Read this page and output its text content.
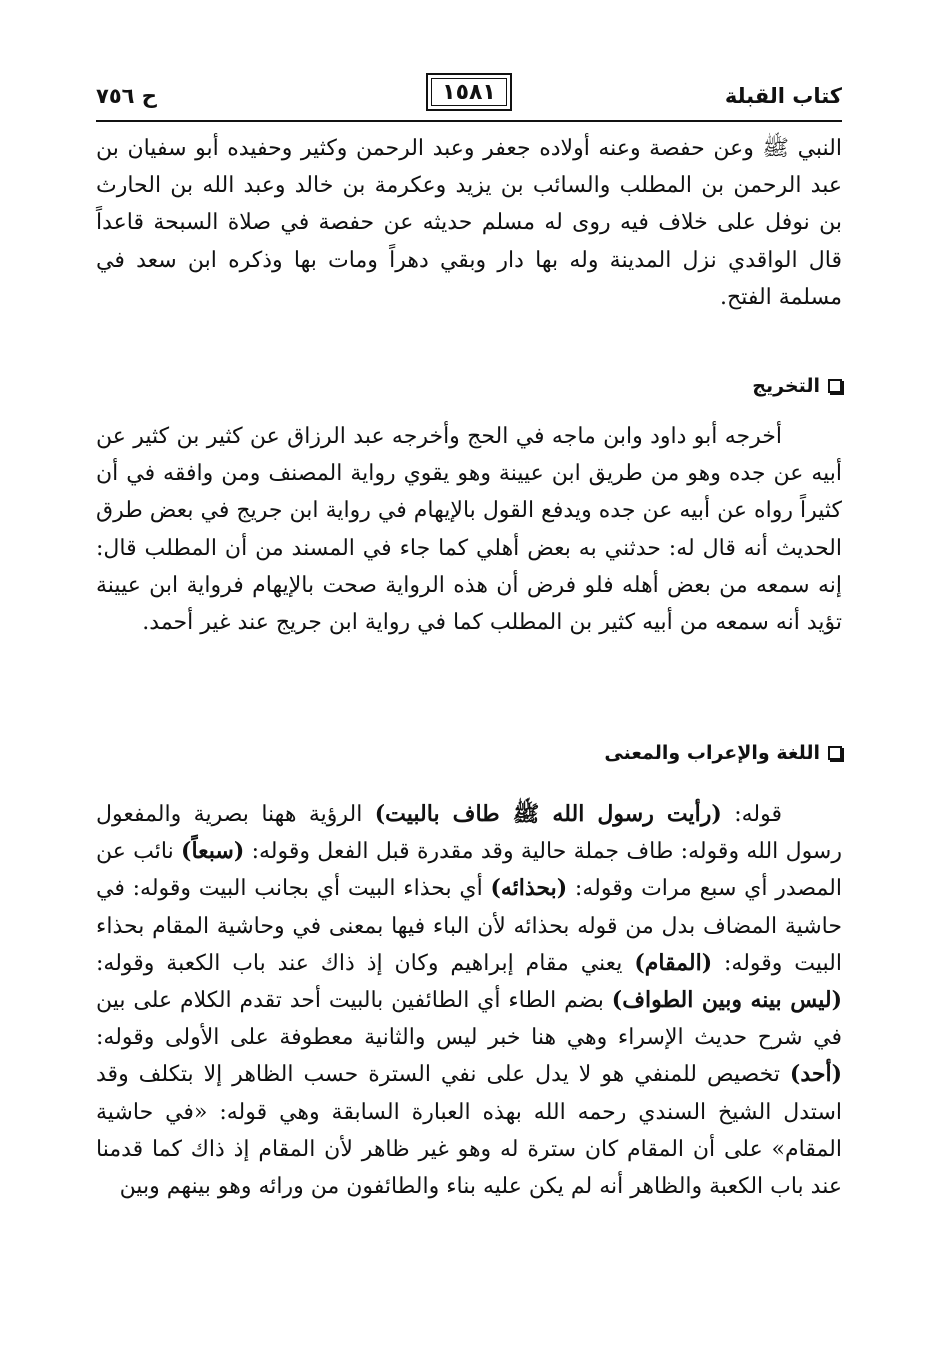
كتاب القبلة
١٥٨١
ح ٧٥٦

النبي ﷺ وعن حفصة وعنه أولاده جعفر وعبد الرحمن وكثير وحفيده أبو سفيان بن عبد الرحمن بن المطلب والسائب بن يزيد وعكرمة بن خالد وعبد الله بن الحارث بن نوفل على خلاف فيه روى له مسلم حديثه عن حفصة في صلاة السبحة قاعداً قال الواقدي نزل المدينة وله بها دار وبقي دهراً ومات بها وذكره ابن سعد في مسلمة الفتح.

التخريج

أخرجه أبو داود وابن ماجه في الحج وأخرجه عبد الرزاق عن كثير بن كثير عن أبيه عن جده وهو من طريق ابن عيينة وهو يقوي رواية المصنف ومن وافقه في أن كثيراً رواه عن أبيه عن جده ويدفع القول بالإيهام في رواية ابن جريج في بعض طرق الحديث أنه قال له: حدثني به بعض أهلي كما جاء في المسند من أن المطلب قال: إنه سمعه من بعض أهله فلو فرض أن هذه الرواية صحت بالإيهام فرواية ابن عيينة تؤيد أنه سمعه من أبيه كثير بن المطلب كما في رواية ابن جريج عند غير أحمد.

اللغة والإعراب والمعنى

قوله: (رأيت رسول الله ﷺ طاف بالبيت) الرؤية ههنا بصرية والمفعول رسول الله وقوله: طاف جملة حالية وقد مقدرة قبل الفعل وقوله: (سبعاً) نائب عن المصدر أي سبع مرات وقوله: (بحذائه) أي بحذاء البيت أي بجانب البيت وقوله: في حاشية المضاف بدل من قوله بحذائه لأن الباء فيها بمعنى في وحاشية المقام بحذاء البيت وقوله: (المقام) يعني مقام إبراهيم وكان إذ ذاك عند باب الكعبة وقوله: (ليس بينه وبين الطواف) بضم الطاء أي الطائفين بالبيت أحد تقدم الكلام على بين في شرح حديث الإسراء وهي هنا خبر ليس والثانية معطوفة على الأولى وقوله: (أحد) تخصيص للمنفي هو لا يدل على نفي السترة حسب الظاهر إلا بتكلف وقد استدل الشيخ السندي رحمه الله بهذه العبارة السابقة وهي قوله: «في حاشية المقام» على أن المقام كان سترة له وهو غير ظاهر لأن المقام إذ ذاك كما قدمنا عند باب الكعبة والظاهر أنه لم يكن عليه بناء والطائفون من ورائه وهو بينهم وبين
